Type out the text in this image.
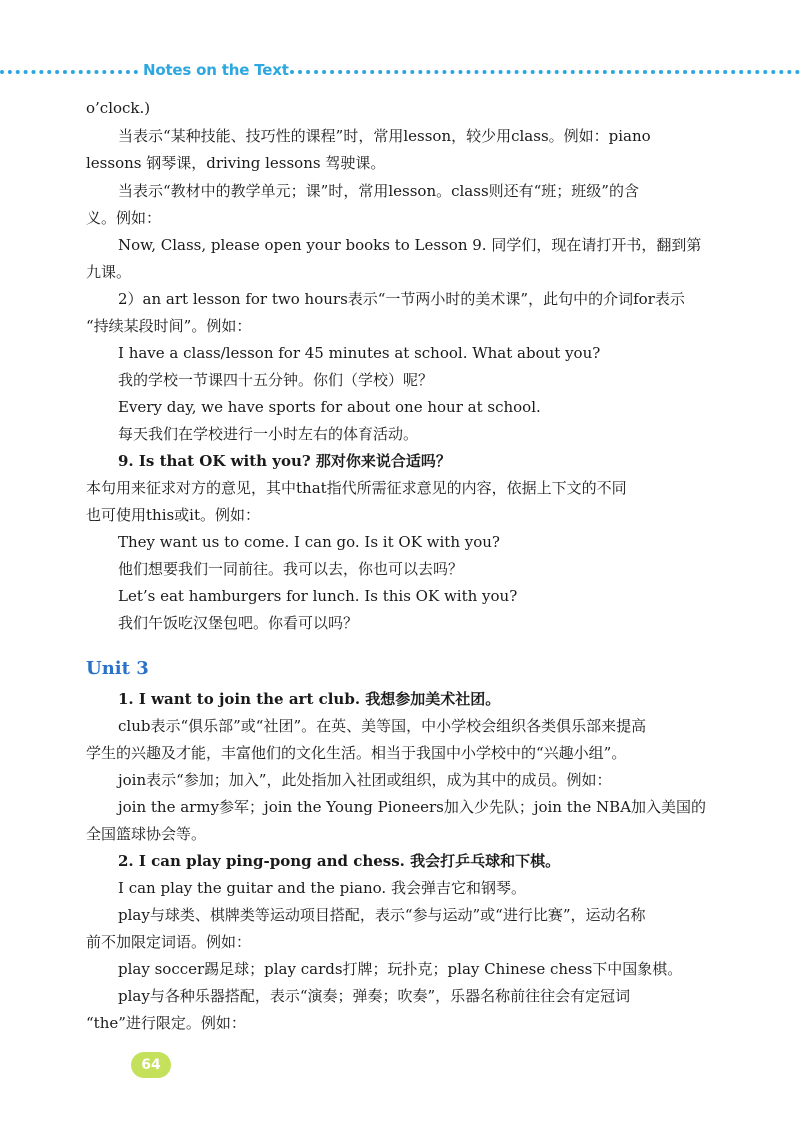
Notes on the Text
o’clock.)
当表示“某种技能、技巧性的课程”时，常用lesson，较少用class。例如：piano
lessons 钢琴课，driving lessons 驾驶课。
当表示“教材中的教学单元；课”时，常用lesson。class则还有“班；班级”的含
义。例如：
Now, Class, please open your books to Lesson 9. 同学们，现在请打开书，翻到第
九课。
2）an art lesson for two hours表示“一节两小时的美术课”，此句中的介词for表示
“持续某段时间”。例如：
I have a class/lesson for 45 minutes at school. What about you?
我的学校一节课四十五分钟。你们（学校）呢？
Every day, we have sports for about one hour at school.
每天我们在学校进行一小时左右的体育活动。
9. Is that OK with you? 那对你来说合适吗？
本句用来征求对方的意见，其中that指代所需征求意见的内容，依据上下文的不同
也可使用this或it。例如：
They want us to come. I can go. Is it OK with you?
他们想要我们一同前往。我可以去，你也可以去吗？
Let’s eat hamburgers for lunch. Is this OK with you?
我们午饭吃汉堡包吧。你看可以吗？
Unit 3
1. I want to join the art club. 我想参加美术社团。
club表示“俱乐部”或“社团”。在英、美等国，中小学校会组织各类俱乐部来提高
学生的兴趣及才能，丰富他们的文化生活。相当于我国中小学校中的“兴趣小组”。
join表示“参加；加入”，此处指加入社团或组织，成为其中的成员。例如：
join the army参军；join the Young Pioneers加入少先队；join the NBA加入美国的
全国篮球协会等。
2. I can play ping-pong and chess. 我会打乒乓球和下棋。
I can play the guitar and the piano. 我会弹吉它和钢琴。
play与球类、棋牌类等运动项目搭配，表示“参与运动”或“进行比赛”，运动名称
前不加限定词语。例如：
play soccer踢足球；play cards打牌；玩扑克；play Chinese chess下中国象棋。
play与各种乐器搭配，表示“演奏；弹奏；吹奏”，乐器名称前往往会有定冠词
“the”进行限定。例如：
64
